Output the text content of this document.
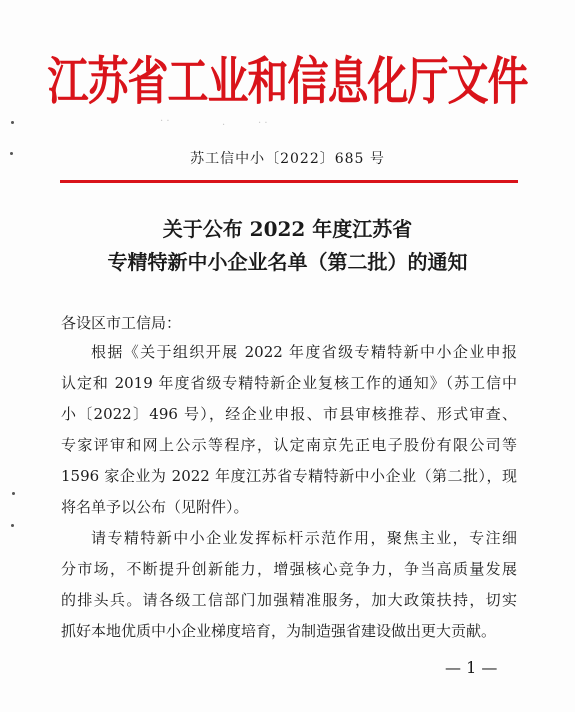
江苏省工业和信息化厅文件
· ·	·	· ·
苏工信中小〔2022〕685 号
关于公布 2022 年度江苏省
专精特新中小企业名单（第二批）的通知
各设区市工信局：
根据《关于组织开展 2022 年度省级专精特新中小企业申报
认定和 2019 年度省级专精特新企业复核工作的通知》（苏工信中
小〔2022〕496 号），经企业申报、市县审核推荐、形式审查、
专家评审和网上公示等程序，认定南京先正电子股份有限公司等
1596 家企业为 2022 年度江苏省专精特新中小企业（第二批），现
将名单予以公布（见附件）。
请专精特新中小企业发挥标杆示范作用，聚焦主业，专注细
分市场，不断提升创新能力，增强核心竞争力，争当高质量发展
的排头兵。请各级工信部门加强精准服务，加大政策扶持，切实
抓好本地优质中小企业梯度培育，为制造强省建设做出更大贡献。
— 1 —
